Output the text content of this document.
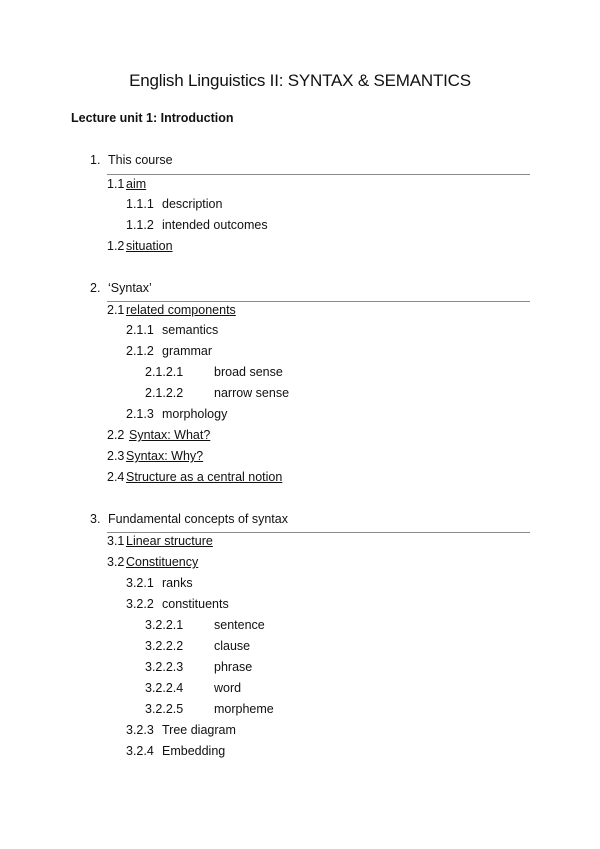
English Linguistics II: SYNTAX & SEMANTICS
Lecture unit 1: Introduction
1. This course
1.1 aim
1.1.1 description
1.1.2 intended outcomes
1.2 situation
2. ‘Syntax’
2.1 related components
2.1.1 semantics
2.1.2 grammar
2.1.2.1 broad sense
2.1.2.2 narrow sense
2.1.3 morphology
2.2 Syntax: What?
2.3 Syntax: Why?
2.4 Structure as a central notion
3. Fundamental concepts of syntax
3.1 Linear structure
3.2 Constituency
3.2.1 ranks
3.2.2 constituents
3.2.2.1 sentence
3.2.2.2 clause
3.2.2.3 phrase
3.2.2.4 word
3.2.2.5 morpheme
3.2.3 Tree diagram
3.2.4 Embedding
